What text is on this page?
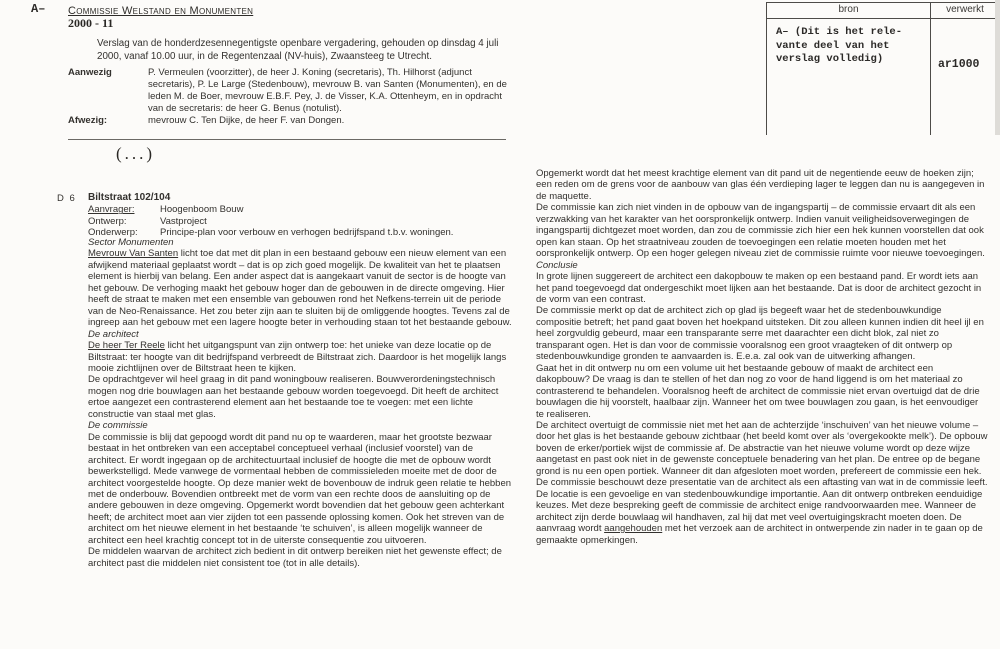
A– Commissie Welstand en Monumenten
2000 - 11

Verslag van de honderdzesennegentigste openbare vergadering, gehouden op dinsdag 4 juli 2000, vanaf 10.00 uur, in de Regentenzaal (NV-huis), Zwaansteeg te Utrecht.

Aanwezig	P. Vermeulen (voorzitter), de heer J. Koning (secretaris), Th. Hilhorst (adjunct secretaris), P. Le Large (Stedenbouw), mevrouw B. van Santen (Monumenten), en de leden M. de Boer, mevrouw E.B.F. Pey, J. de Visser, K.A. Ottenheym, en in opdracht van de secretaris: de heer G. Benus (notulist).
Afwezig:	mevrouw C. Ten Dijke, de heer F. van Dongen.
(...)
bron	verwerkt
A– (Dit is het rele-
vante deel van het
verslag volledig)	ar1000
D 6 Biltstraat 102/104
Aanvrager:	Hoogenboom Bouw
Ontwerp:	Vastproject
Onderwerp:	Principe-plan voor verbouw en verhogen bedrijfspand t.b.v. woningen.
Sector Monumenten

Mevrouw Van Santen licht toe dat met dit plan in een bestaand gebouw een nieuw element van een afwijkend materiaal geplaatst wordt – dat is op zich goed mogelijk. De kwaliteit van het te plaatsen element is hierbij van belang. Een ander aspect dat is aangekaart vanuit de sector is de hoogte van het gebouw. De verhoging maakt het gebouw hoger dan de gebouwen in de directe omgeving. Hier heeft de straat te maken met een ensemble van gebouwen rond het Nefkens-terrein uit de periode van de Neo-Renaissance. Het zou beter zijn aan te sluiten bij de omliggende hoogtes. Tevens zal de ingreep aan het gebouw met een lagere hoogte beter in verhouding staan tot het bestaande gebouw.

De architect

De heer Ter Reele licht het uitgangspunt van zijn ontwerp toe: het unieke van deze locatie op de Biltstraat: ter hoogte van dit bedrijfspand verbreedt de Biltstraat zich. Daardoor is het mogelijk langs mooie zichtlijnen over de Biltstraat heen te kijken.

De opdrachtgever wil heel graag in dit pand woningbouw realiseren. Bouwverordeningstechnisch mogen nog drie bouwlagen aan het bestaande gebouw worden toegevoegd. Dit heeft de architect ertoe aangezet een contrasterend element aan het bestaande toe te voegen: met een lichte constructie van staal met glas.

De commissie

De commissie is blij dat gepoogd wordt dit pand nu op te waarderen, maar het grootste bezwaar bestaat in het ontbreken van een acceptabel conceptueel verhaal (inclusief voorstel) van de architect. Er wordt ingegaan op de architectuurtaal inclusief de hoogte die met de opbouw wordt bewerkstelligd. Mede vanwege de vormentaal hebben de commissieleden moeite met de door de architect voorgestelde hoogte. Op deze manier wekt de bovenbouw de indruk geen relatie te hebben met de onderbouw. Bovendien ontbreekt met de vorm van een rechte doos de aansluiting op de andere gebouwen in deze omgeving. Opgemerkt wordt bovendien dat het gebouw geen achterkant heeft; de architect moet aan vier zijden tot een passende oplossing komen. Ook het streven van de architect om het nieuwe element in het bestaande ‘te schuiven’, is alleen mogelijk wanneer de architect een heel krachtig concept tot in de uiterste consequentie zou uitvoeren.

De middelen waarvan de architect zich bedient in dit ontwerp bereiken niet het gewenste effect; de architect past die middelen niet consistent toe (tot in alle details).

Opgemerkt wordt dat het meest krachtige element van dit pand uit de negentiende eeuw de hoeken zijn; een reden om de grens voor de aanbouw van glas één verdieping lager te leggen dan nu is aangegeven in de maquette.

De commissie kan zich niet vinden in de opbouw van de ingangspartij – de commissie ervaart dit als een verzwakking van het karakter van het oorspronkelijk ontwerp. Indien vanuit veiligheidsoverwegingen de ingangspartij dichtgezet moet worden, dan zou de commissie zich hier een hek kunnen voorstellen dat ook open kan staan. Op het straatniveau zouden de toevoegingen een relatie moeten houden met het oorspronkelijk ontwerp. Op een hoger gelegen niveau ziet de commissie ruimte voor nieuwe toevoegingen.

Conclusie

In grote lijnen suggereert de architect een dakopbouw te maken op een bestaand pand. Er wordt iets aan het pand toegevoegd dat ondergeschikt moet lijken aan het bestaande. Dat is door de architect gezocht in de vorm van een contrast.

De commissie merkt op dat de architect zich op glad ijs begeeft waar het de stedenbouwkundige compositie betreft; het pand gaat boven het hoekpand uitsteken. Dit zou alleen kunnen indien dit heel ijl en heel zorgvuldig gebeurd, maar een transparante serre met daarachter een dicht blok, zal niet zo transparant ogen. Het is dan voor de commissie vooralsnog een groot vraagteken of dit ontwerp op stedenbouwkundige gronden te aanvaarden is. E.e.a. zal ook van de uitwerking afhangen.

Gaat het in dit ontwerp nu om een volume uit het bestaande gebouw of maakt de architect een dakopbouw? De vraag is dan te stellen of het dan nog zo voor de hand liggend is om het materiaal zo contrasterend te behandelen. Vooralsnog heeft de architect de commissie niet ervan overtuigd dat de drie bouwlagen die hij voorstelt, haalbaar zijn. Wanneer het om twee bouwlagen zou gaan, is het eenvoudiger te realiseren.

De architect overtuigt de commissie niet met het aan de achterzijde ‘inschuiven’ van het nieuwe volume – door het glas is het bestaande gebouw zichtbaar (het beeld komt over als ‘overgekookte melk’). De opbouw boven de erker/portiek wijst de commissie af. De abstractie van het nieuwe volume wordt op deze wijze aangetast en past ook niet in de gewenste conceptuele benadering van het plan. De entree op de begane grond is nu een open portiek. Wanneer dit dan afgesloten moet worden, prefereert de commissie een hek.

De commissie beschouwt deze presentatie van de architect als een aftasting van wat in de commissie leeft. De locatie is een gevoelige en van stedenbouwkundige importantie. Aan dit ontwerp ontbreken eenduidige keuzes. Met deze bespreking geeft de commissie de architect enige randvoorwaarden mee. Wanneer de architect zijn derde bouwlaag wil handhaven, zal hij dat met veel overtuigingskracht moeten doen. De aanvraag wordt aangehouden met het verzoek aan de architect in ontwerpende zin nader in te gaan op de gemaakte opmerkingen.
